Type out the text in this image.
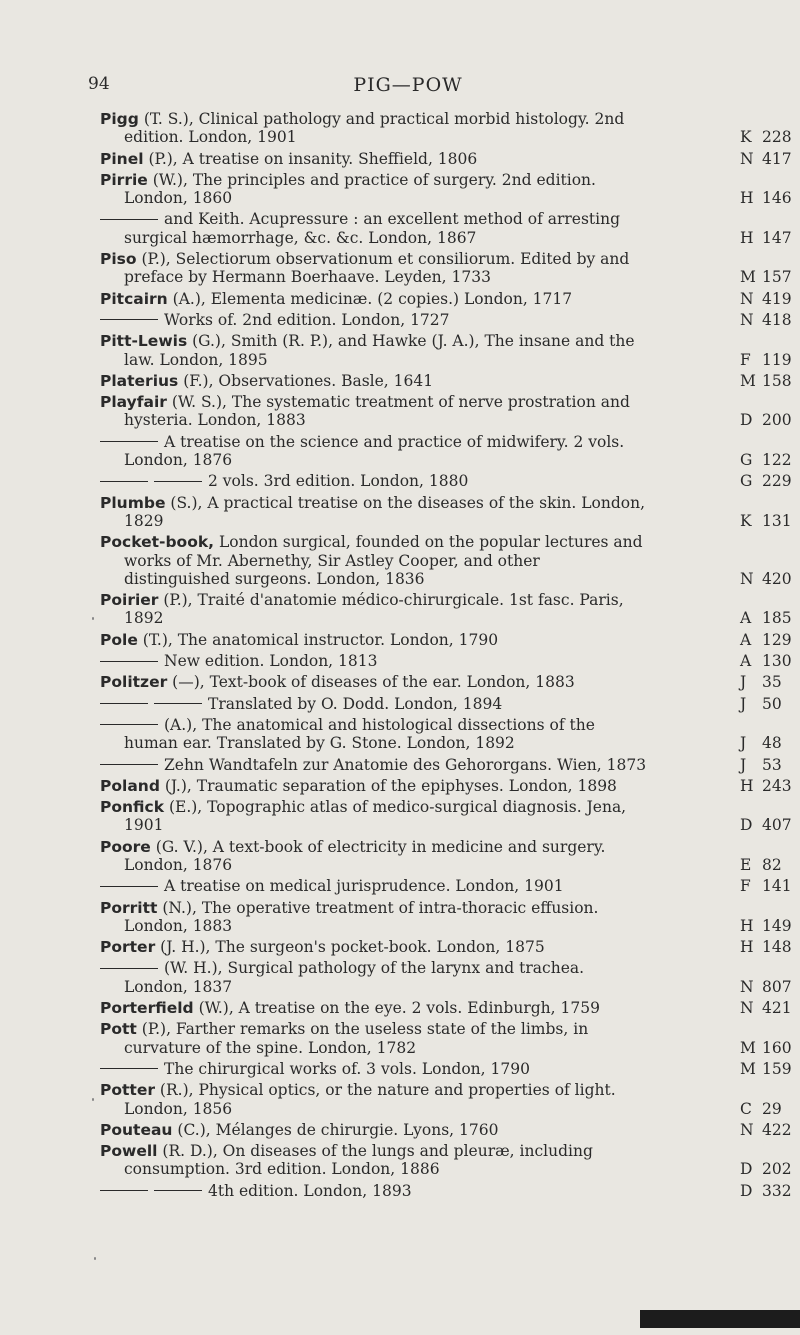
94	PIG—POW
Pigg (T. S.), Clinical pathology and practical morbid histology. 2nd edition. London, 1901	K 228
Pinel (P.), A treatise on insanity. Sheffield, 1806	N 417
Pirrie (W.), The principles and practice of surgery. 2nd edition. London, 1860	H 146
and Keith. Acupressure : an excellent method of arresting surgical hæmorrhage, &c. &c. London, 1867	H 147
Piso (P.), Selectiorum observationum et consiliorum. Edited by and preface by Hermann Boerhaave. Leyden, 1733	M 157
Pitcairn (A.), Elementa medicinæ. (2 copies.) London, 1717	N 419
Works of. 2nd edition. London, 1727	N 418
Pitt-Lewis (G.), Smith (R. P.), and Hawke (J. A.), The insane and the law. London, 1895	F 119
Platerius (F.), Observationes. Basle, 1641	M 158
Playfair (W. S.), The systematic treatment of nerve prostration and hysteria. London, 1883	D 200
A treatise on the science and practice of midwifery. 2 vols. London, 1876	G 122
2 vols. 3rd edition. London, 1880	G 229
Plumbe (S.), A practical treatise on the diseases of the skin. London, 1829	K 131
Pocket-book, London surgical, founded on the popular lectures and works of Mr. Abernethy, Sir Astley Cooper, and other distinguished surgeons. London, 1836	N 420
Poirier (P.), Traité d'anatomie médico-chirurgicale. 1st fasc. Paris, 1892	A 185
Pole (T.), The anatomical instructor. London, 1790	A 129
New edition. London, 1813	A 130
Politzer (—), Text-book of diseases of the ear. London, 1883	J 35
Translated by O. Dodd. London, 1894	J 50
(A.), The anatomical and histological dissections of the human ear. Translated by G. Stone. London, 1892	J 48
Zehn Wandtafeln zur Anatomie des Gehororgans. Wien, 1873	J 53
Poland (J.), Traumatic separation of the epiphyses. London, 1898	H 243
Ponfick (E.), Topographic atlas of medico-surgical diagnosis. Jena, 1901	D 407
Poore (G. V.), A text-book of electricity in medicine and surgery. London, 1876	E 82
A treatise on medical jurisprudence. London, 1901	F 141
Porritt (N.), The operative treatment of intra-thoracic effusion. London, 1883	H 149
Porter (J. H.), The surgeon's pocket-book. London, 1875	H 148
(W. H.), Surgical pathology of the larynx and trachea. London, 1837	N 807
Porterfield (W.), A treatise on the eye. 2 vols. Edinburgh, 1759	N 421
Pott (P.), Farther remarks on the useless state of the limbs, in curvature of the spine. London, 1782	M 160
The chirurgical works of. 3 vols. London, 1790	M 159
Potter (R.), Physical optics, or the nature and properties of light. London, 1856	C 29
Pouteau (C.), Mélanges de chirurgie. Lyons, 1760	N 422
Powell (R. D.), On diseases of the lungs and pleuræ, including consumption. 3rd edition. London, 1886	D 202
4th edition. London, 1893	D 332
